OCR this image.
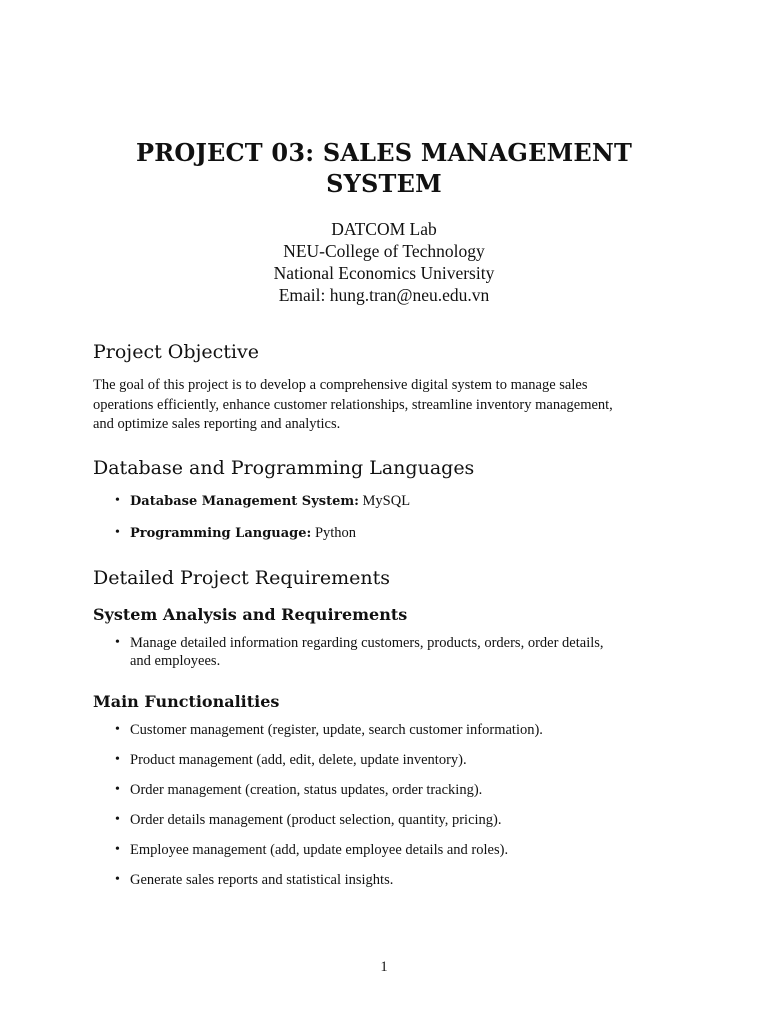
PROJECT 03: SALES MANAGEMENT
SYSTEM
DATCOM Lab
NEU-College of Technology
National Economics University
Email: hung.tran@neu.edu.vn
Project Objective
The goal of this project is to develop a comprehensive digital system to manage sales
operations efficiently, enhance customer relationships, streamline inventory management,
and optimize sales reporting and analytics.
Database and Programming Languages
• Database Management System: MySQL
• Programming Language: Python
Detailed Project Requirements
System Analysis and Requirements
• Manage detailed information regarding customers, products, orders, order details,
and employees.
Main Functionalities
• Customer management (register, update, search customer information).
• Product management (add, edit, delete, update inventory).
• Order management (creation, status updates, order tracking).
• Order details management (product selection, quantity, pricing).
• Employee management (add, update employee details and roles).
• Generate sales reports and statistical insights.
1
